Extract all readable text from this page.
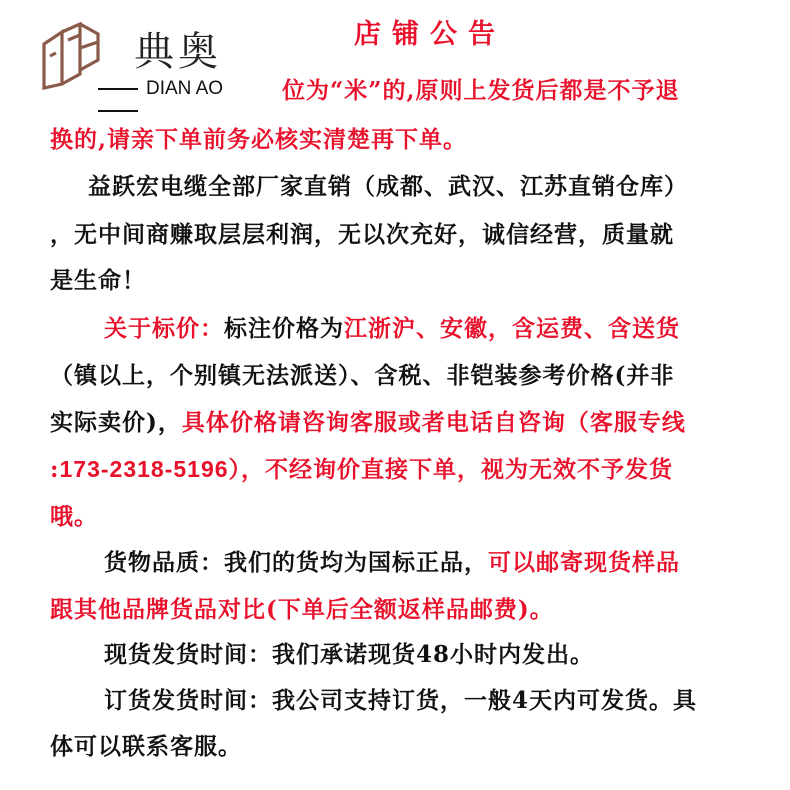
店铺公告
位为“米”的,原则上发货后都是不予退
换的,请亲下单前务必核实清楚再下单。
益跃宏电缆全部厂家直销（成都、武汉、江苏直销仓库）
，无中间商赚取层层利润，无以次充好，诚信经营，质量就
是生命！
关于标价：标注价格为江浙沪、安徽，含运费、含送货
（镇以上，个别镇无法派送）、含税、非铠装参考价格(并非
实际卖价)，具体价格请咨询客服或者电话自咨询（客服专线
:173-2318-5196），不经询价直接下单，视为无效不予发货
哦。
货物品质：我们的货均为国标正品，可以邮寄现货样品
跟其他品牌货品对比(下单后全额返样品邮费)。
现货发货时间：我们承诺现货48小时内发出。
订货发货时间：我公司支持订货，一般4天内可发货。具
体可以联系客服。
典奥
DIAN AO
